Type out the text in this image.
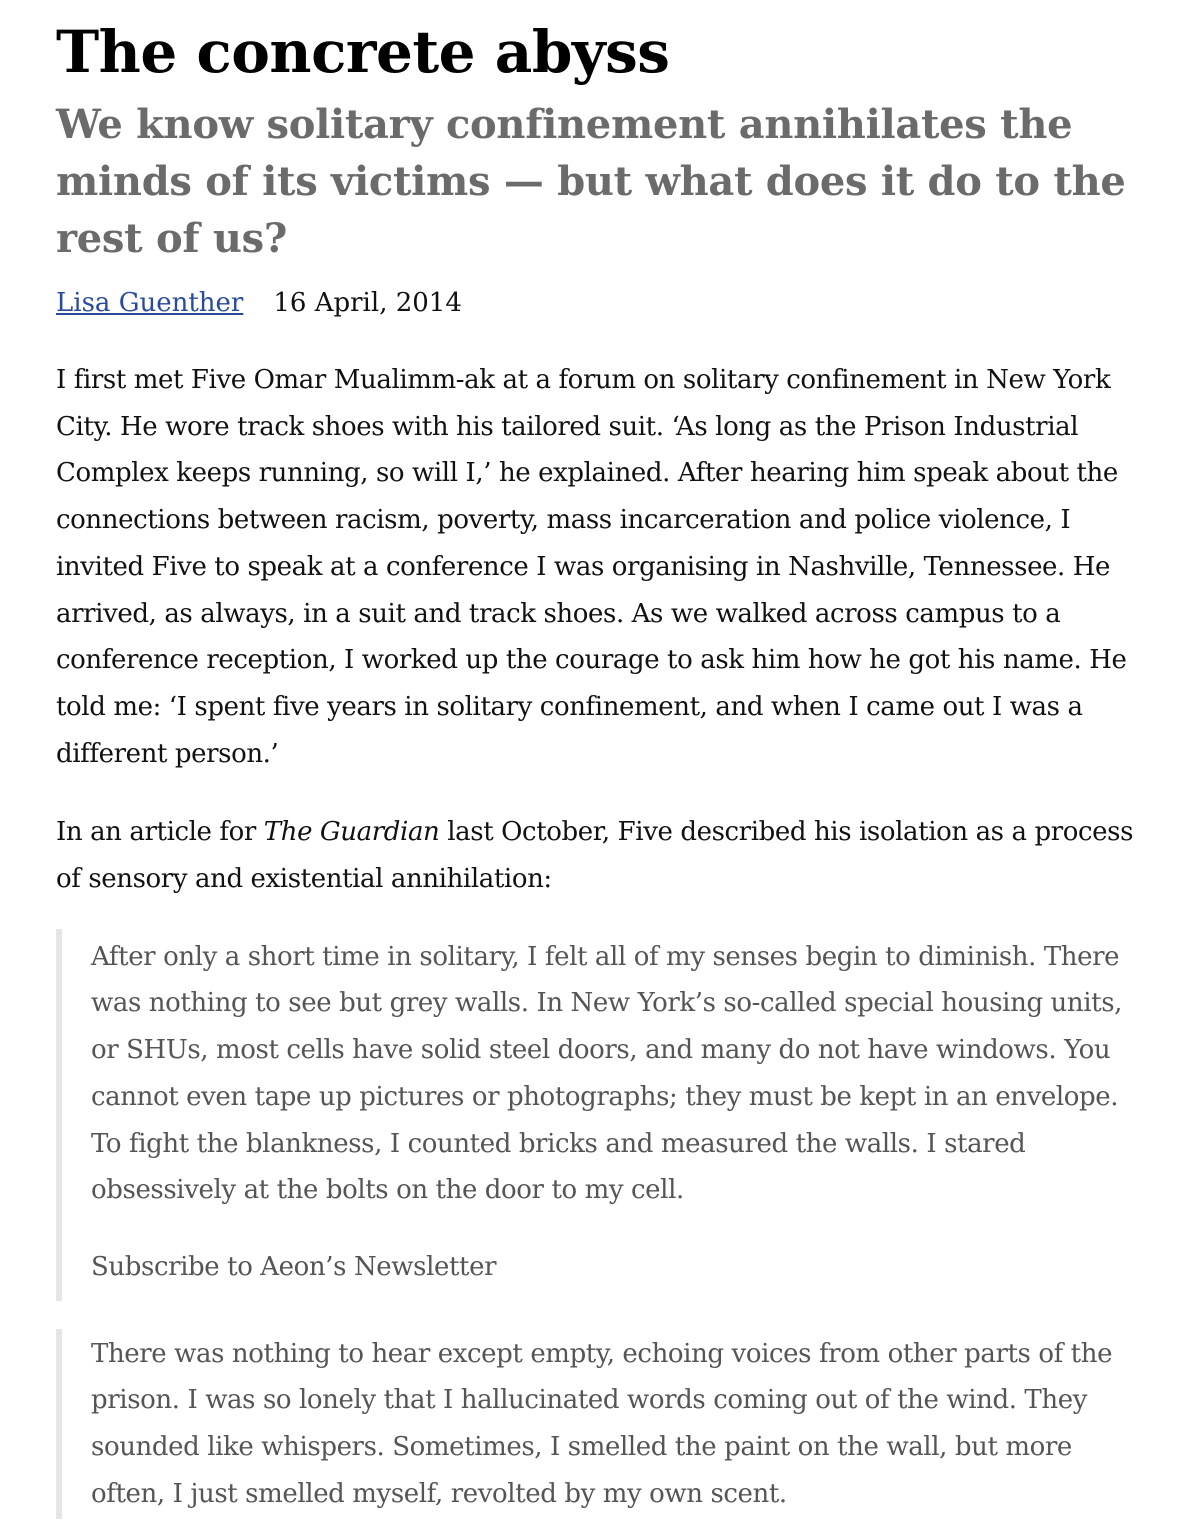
The concrete abyss
We know solitary confinement annihilates the minds of its victims — but what does it do to the rest of us?
Lisa Guenther 16 April, 2014

I first met Five Omar Mualimm-ak at a forum on solitary confinement in New York City. He wore track shoes with his tailored suit. ‘As long as the Prison Industrial Complex keeps running, so will I,’ he explained. After hearing him speak about the connections between racism, poverty, mass incarceration and police violence, I invited Five to speak at a conference I was organising in Nashville, Tennessee. He arrived, as always, in a suit and track shoes. As we walked across campus to a conference reception, I worked up the courage to ask him how he got his name. He told me: ‘I spent five years in solitary confinement, and when I came out I was a different person.’

In an article for The Guardian last October, Five described his isolation as a process of sensory and existential annihilation:

After only a short time in solitary, I felt all of my senses begin to diminish. There was nothing to see but grey walls. In New York’s so-called special housing units, or SHUs, most cells have solid steel doors, and many do not have windows. You cannot even tape up pictures or photographs; they must be kept in an envelope. To fight the blankness, I counted bricks and measured the walls. I stared obsessively at the bolts on the door to my cell.

Subscribe to Aeon’s Newsletter

There was nothing to hear except empty, echoing voices from other parts of the prison. I was so lonely that I hallucinated words coming out of the wind. They sounded like whispers. Sometimes, I smelled the paint on the wall, but more often, I just smelled myself, revolted by my own scent.
